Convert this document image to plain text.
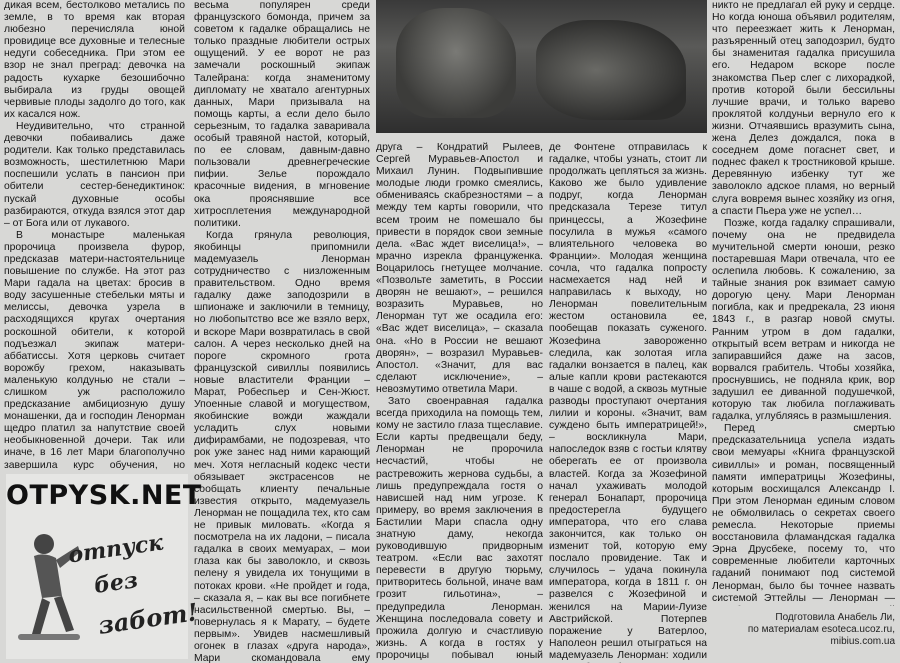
дикая всем, бестолково метались по земле, в то время как вторая любезно перечисляла юной провидице все духовные и телесные недуги собеседника. При этом ее взор не знал преград: девочка на радость кухарке безошибочно выбирала из груды овощей червивые плоды задолго до того, как их касался нож.

Неудивительно, что странной девочки побаивались даже родители. Как только представилась возможность, шестилетнюю Мари поспешили услать в пансион при обители сестер-бенедиктинок: пускай духовные особы разбираются, откуда взялся этот дар – от Бога или от лукавого.

В монастыре маленькая пророчица произвела фурор, предсказав матери-настоятельнице повышение по службе. На этот раз Мари гадала на цветах: бросив в воду засушенные стебельки мяты и мелиссы, девочка узрела в расходящихся кругах очертания роскошной обители, к которой подъезжал экипаж матери-аббатиссы. Хотя церковь считает ворожбу грехом, наказывать маленькую колдунью не стали – слишком уж расположило предсказание амбициозную душу монашенки, да и господин Ленорман щедро платил за напутствие своей необыкновенной дочери. Так или иначе, в 16 лет Мари благополучно завершила курс обучения, но

OTPYSK.NET
отпуск
без
забот!

весьма популярен среди французского бомонда, причем за советом к гадалке обращались не только праздные любители острых ощущений. У ее ворот не раз замечали роскошный экипаж Талейрана: когда знаменитому дипломату не хватало агентурных данных, Мари призывала на помощь карты, а если дело было серьезным, то гадалка заваривала особый травяной настой, который, по ее словам, давным-давно пользовали древнегреческие пифии. Зелье порождало красочные видения, в мгновение ока прояснявшие все хитросплетения международной политики.

Когда грянула революция, якобинцы припомнили мадемуазель Ленорман сотрудничество с низложенным правительством. Одно время гадалку даже заподозрили в шпионаже и заключили в темницу, но любопытство все же взяло верх, и вскоре Мари возвратилась в свой салон. А через несколько дней на пороге скромного грота французской сивиллы появились новые властители Франции – Марат, Робеспьер и Сен-Жюст. Упоенные славой и могуществом, якобинские вожди жаждали усладить слух новыми дифирамбами, не подозревая, что рок уже занес над ними карающий меч. Хотя негласный кодекс чести обязывает экстрасенсов не сообщать клиенту печальные известия открыто, мадемуазель Ленорман не пощадила тех, кто сам не привык миловать. «Когда я посмотрела на их ладони, – писала гадалка в своих мемуарах, – мои глаза как бы заволокло, и сквозь пелену я увидела их тонущими в потоках крови. «Не пройдет и года, – сказала я, – как вы все погибнете насильственной смертью. Вы, – повернулась я к Марату, – будете первым». Увидев насмешливый огонек в глазах «друга народа», Мари скомандовала ему

друга – Кондратий Рылеев, Сергей Муравьев-Апостол и Михаил Лунин. Подвыпившие молодые люди громко смеялись, обмениваясь скабрезностями – а между тем карты говорили, что всем троим не помешало бы привести в порядок свои земные дела. «Вас ждет виселица!», – мрачно изрекла француженка. Воцарилось гнетущее молчание. «Позвольте заметить, в России дворян не вешают», – решился возразить Муравьев, но Ленорман тут же осадила его: «Вас ждет виселица», – сказала она. «Но в России не вешают дворян», – возразил Муравьев-Апостол. «Значит, для вас сделают исключение», – невозмутимо ответила Мари.

Зато своенравная гадалка всегда приходила на помощь тем, кому не застило глаза тщеславие. Если карты предвещали беду, Ленорман не пророчила несчастий, чтобы не растревожить жернова судьбы, а лишь предупреждала гостя о нависшей над ним угрозе. К примеру, во время заключения в Бастилии Мари спасла одну знатную даму, некогда руководившую придворным театром. «Если вас захотят перевести в другую тюрьму, притворитесь больной, иначе вам грозит гильотина», – предупредила Ленорман. Женщина последовала совету и прожила долгую и счастливую жизнь. А когда в гостях у пророчицы побывал юный

де Фонтене отправилась к гадалке, чтобы узнать, стоит ли продолжать цепляться за жизнь. Каково же было удивление подруг, когда Ленорман предсказала Терезе титул принцессы, а Жозефине посулила в мужья «самого влиятельного человека во Франции». Молодая женщина сочла, что гадалка попросту насмехается над ней и направилась к выходу, но Ленорман повелительным жестом остановила ее, пообещав показать суженого. Жозефина завороженно следила, как золотая игла гадалки вонзается в палец, как алые капли крови растекаются в чаше с водой, а сквозь мутные разводы проступают очертания лилии и короны. «Значит, вам суждено быть императрицей!», – воскликнула Мари, напоследок взяв с гостьи клятву оберегать ее от произвола властей. Когда за Жозефиной начал ухаживать молодой генерал Бонапарт, пророчица предостерегла будущего императора, что его слава закончится, как только он изменит той, которую ему послало провидение. Так и случилось – удача покинула императора, когда в 1811 г. он развелся с Жозефиной и женился на Марии-Луизе Австрийской. Потерпев поражение у Ватерлоо, Наполеон решил отыграться на мадемуазель Ленорман: ходили

никто не предлагал ей руку и сердце. Но когда юноша объявил родителям, что переезжает жить к Ленорман, разъяренный отец заподозрил, будто бы знаменитая гадалка присушила его. Недаром вскоре после знакомства Пьер слег с лихорадкой, против которой были бессильны лучшие врачи, и только варево проклятой колдуньи вернуло его к жизни. Отчаявшись вразумить сына, жена Делез дождался, пока в соседнем доме погаснет свет, и поднес факел к тростниковой крыше. Деревянную избенку тут же заволокло адское пламя, но верный слуга вовремя вынес хозяйку из огня, а спасти Пьера уже не успел…

Позже, когда гадалку спрашивали, почему она не предвидела мучительной смерти юноши, резко постаревшая Мари отвечала, что ее ослепила любовь. К сожалению, за тайные знания рок взимает самую дорогую цену. Мари Ленорман погибла, как и предрекала, 23 июня 1843 г., в разгар новой смуты. Ранним утром в дом гадалки, открытый всем ветрам и никогда не запиравшийся даже на засов, ворвался грабитель. Чтобы хозяйка, проснувшись, не подняла крик, вор задушил ее диванной подушечкой, которую так любила поглаживать гадалка, углубляясь в размышления.

Перед смертью предсказательница успела издать свои мемуары «Книга французской сивиллы» и роман, посвященный памяти императрицы Жозефины, которым восхищался Александр I. При этом Ленорман единым словом не обмолвилась о секретах своего ремесла. Некоторые приемы восстановила фламандская гадалка Эрна Друсбеке, посему то, что современные любители карточных гаданий понимают под системой Ленорман, было бы точнее назвать системой Эттейлы — Ленорман —

Подготовила Анабель Ли,
по материалам esoteca.ucoz.ru,
mibius.com.ua
